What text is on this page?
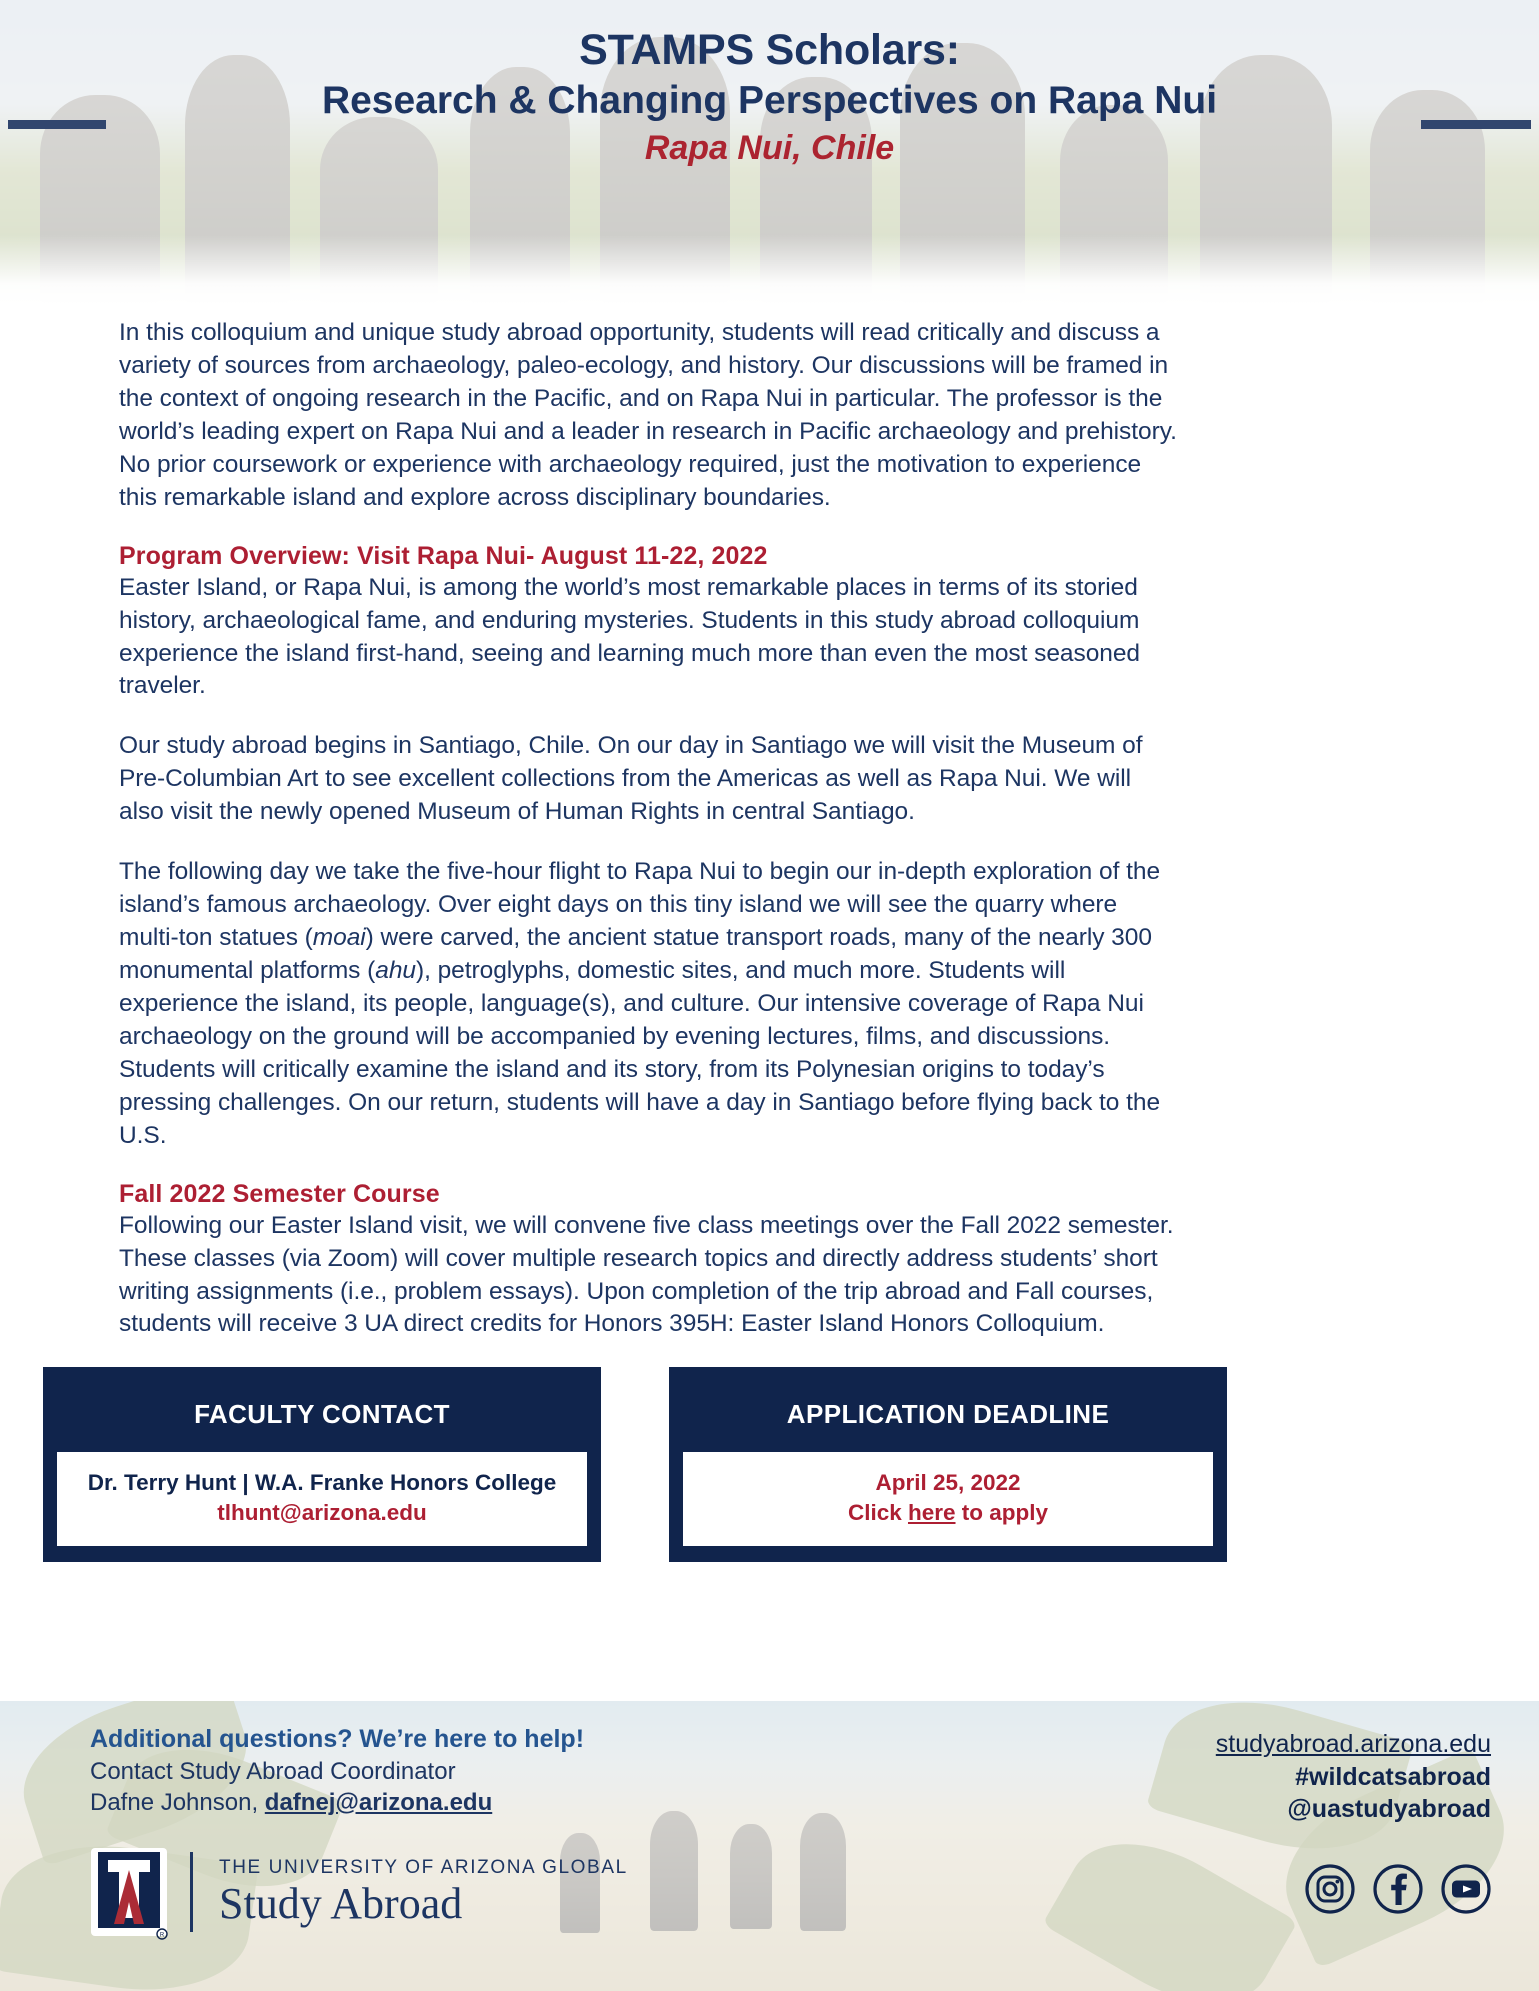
STAMPS Scholars:
Research & Changing Perspectives on Rapa Nui
Rapa Nui, Chile

In this colloquium and unique study abroad opportunity, students will read critically and discuss a variety of sources from archaeology, paleo-ecology, and history. Our discussions will be framed in the context of ongoing research in the Pacific, and on Rapa Nui in particular. The professor is the world’s leading expert on Rapa Nui and a leader in research in Pacific archaeology and prehistory. No prior coursework or experience with archaeology required, just the motivation to experience this remarkable island and explore across disciplinary boundaries.

Program Overview: Visit Rapa Nui- August 11-22, 2022

Easter Island, or Rapa Nui, is among the world’s most remarkable places in terms of its storied history, archaeological fame, and enduring mysteries. Students in this study abroad colloquium experience the island first-hand, seeing and learning much more than even the most seasoned traveler.

Our study abroad begins in Santiago, Chile. On our day in Santiago we will visit the Museum of Pre-Columbian Art to see excellent collections from the Americas as well as Rapa Nui. We will also visit the newly opened Museum of Human Rights in central Santiago.

The following day we take the five-hour flight to Rapa Nui to begin our in-depth exploration of the island’s famous archaeology. Over eight days on this tiny island we will see the quarry where multi-ton statues (moai) were carved, the ancient statue transport roads, many of the nearly 300 monumental platforms (ahu), petroglyphs, domestic sites, and much more. Students will experience the island, its people, language(s), and culture. Our intensive coverage of Rapa Nui archaeology on the ground will be accompanied by evening lectures, films, and discussions. Students will critically examine the island and its story, from its Polynesian origins to today’s pressing challenges. On our return, students will have a day in Santiago before flying back to the U.S.

Fall 2022 Semester Course

Following our Easter Island visit, we will convene five class meetings over the Fall 2022 semester. These classes (via Zoom) will cover multiple research topics and directly address students’ short writing assignments (i.e., problem essays). Upon completion of the trip abroad and Fall courses, students will receive 3 UA direct credits for Honors 395H: Easter Island Honors Colloquium.

FACULTY CONTACT
Dr. Terry Hunt | W.A. Franke Honors College
tlhunt@arizona.edu
APPLICATION DEADLINE
April 25, 2022
Click here to apply
Additional questions? We’re here to help!
Contact Study Abroad Coordinator
Dafne Johnson, dafnej@arizona.edu
R
THE UNIVERSITY OF ARIZONA GLOBAL
Study Abroad
studyabroad.arizona.edu
#wildcatsabroad
@uastudyabroad
